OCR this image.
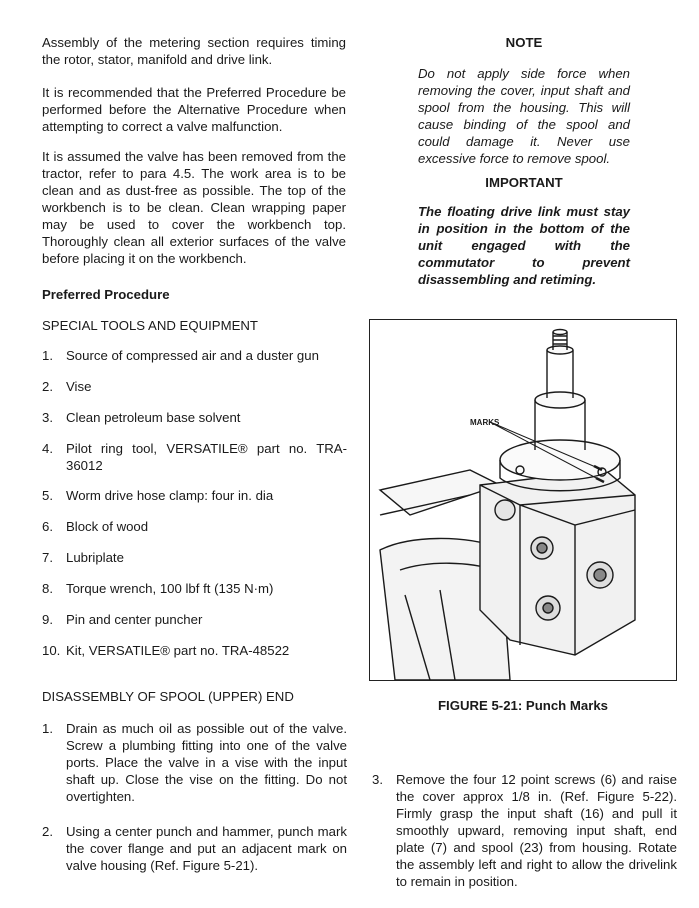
Assembly of the metering section requires timing the rotor, stator, manifold and drive link.

It is recommended that the Preferred Procedure be performed before the Alternative Procedure when attempting to correct a valve malfunction.

It is assumed the valve has been removed from the tractor, refer to para 4.5. The work area is to be clean and as dust-free as possible. The top of the workbench is to be clean. Clean wrapping paper may be used to cover the workbench top. Thoroughly clean all exterior surfaces of the valve before placing it on the workbench.

Preferred Procedure

SPECIAL TOOLS AND EQUIPMENT

1. Source of compressed air and a duster gun
2. Vise
3. Clean petroleum base solvent
4. Pilot ring tool, VERSATILE® part no. TRA-36012
5. Worm drive hose clamp: four in. dia
6. Block of wood
7. Lubriplate
8. Torque wrench, 100 lbf ft (135 N·m)
9. Pin and center puncher
10. Kit, VERSATILE® part no. TRA-48522

DISASSEMBLY OF SPOOL (UPPER) END

1. Drain as much oil as possible out of the valve. Screw a plumbing fitting into one of the valve ports. Place the valve in a vise with the input shaft up. Close the vise on the fitting. Do not overtighten.
2. Using a center punch and hammer, punch mark the cover flange and put an adjacent mark on valve housing (Ref. Figure 5-21).

NOTE

Do not apply side force when removing the cover, input shaft and spool from the housing. This will cause binding of the spool and could damage it. Never use excessive force to remove spool.

IMPORTANT

The floating drive link must stay in position in the bottom of the unit engaged with the commutator to prevent disassembling and retiming.

MARKS

FIGURE 5-21: Punch Marks

3. Remove the four 12 point screws (6) and raise the cover approx 1/8 in. (Ref. Figure 5-22). Firmly grasp the input shaft (16) and pull it smoothly upward, removing input shaft, end plate (7) and spool (23) from housing. Rotate the assembly left and right to allow the drivelink to remain in position.
